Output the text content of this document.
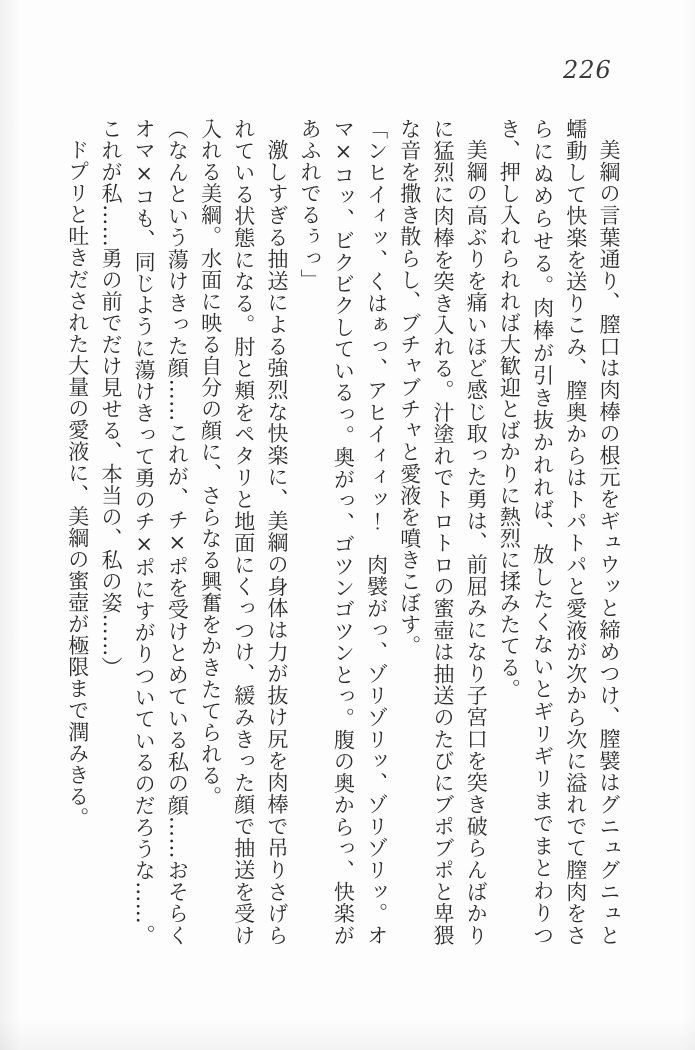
226

美綱の言葉通り、膣口は肉棒の根元をギュウッと締めつけ、膣襞はグニュグニュと蠕動して快楽を送りこみ、膣奥からはトパトパと愛液が次から次に溢れでて膣肉をさらにぬめらせる。肉棒が引き抜かれれば、放したくないとギリギリまでまとわりつき、押し入れられれば大歓迎とばかりに熱烈に揉みたてる。

美綱の高ぶりを痛いほど感じ取った勇は、前屈みになり子宮口を突き破らんばかりに猛烈に肉棒を突き入れる。汁塗れでトロトロの蜜壺は抽送のたびにブポブポと卑猥な音を撒き散らし、ブチャブチャと愛液を噴きこぼす。

「ンヒイィッ、くはぁっ、アヒイィィッ！　肉襞がっ、ゾリゾリッ、ゾリゾリッ。オマ×コッ、ビクビクしているっ。奥がっ、ゴツンゴツンとっ。腹の奥からっ、快楽があふれでるぅっ」

激しすぎる抽送による強烈な快楽に、美綱の身体は力が抜け尻を肉棒で吊りさげられている状態になる。肘と頬をペタリと地面にくっつけ、緩みきった顔で抽送を受け入れる美綱。水面に映る自分の顔に、さらなる興奮をかきたてられる。

（なんという蕩けきった顔……これが、チ×ポを受けとめている私の顔……おそらくオマ×コも、同じように蕩けきって勇のチ×ポにすがりついているのだろうな……。これが私……勇の前でだけ見せる、本当の、私の姿……）

ドプリと吐きだされた大量の愛液に、美綱の蜜壺が極限まで潤みきる。
